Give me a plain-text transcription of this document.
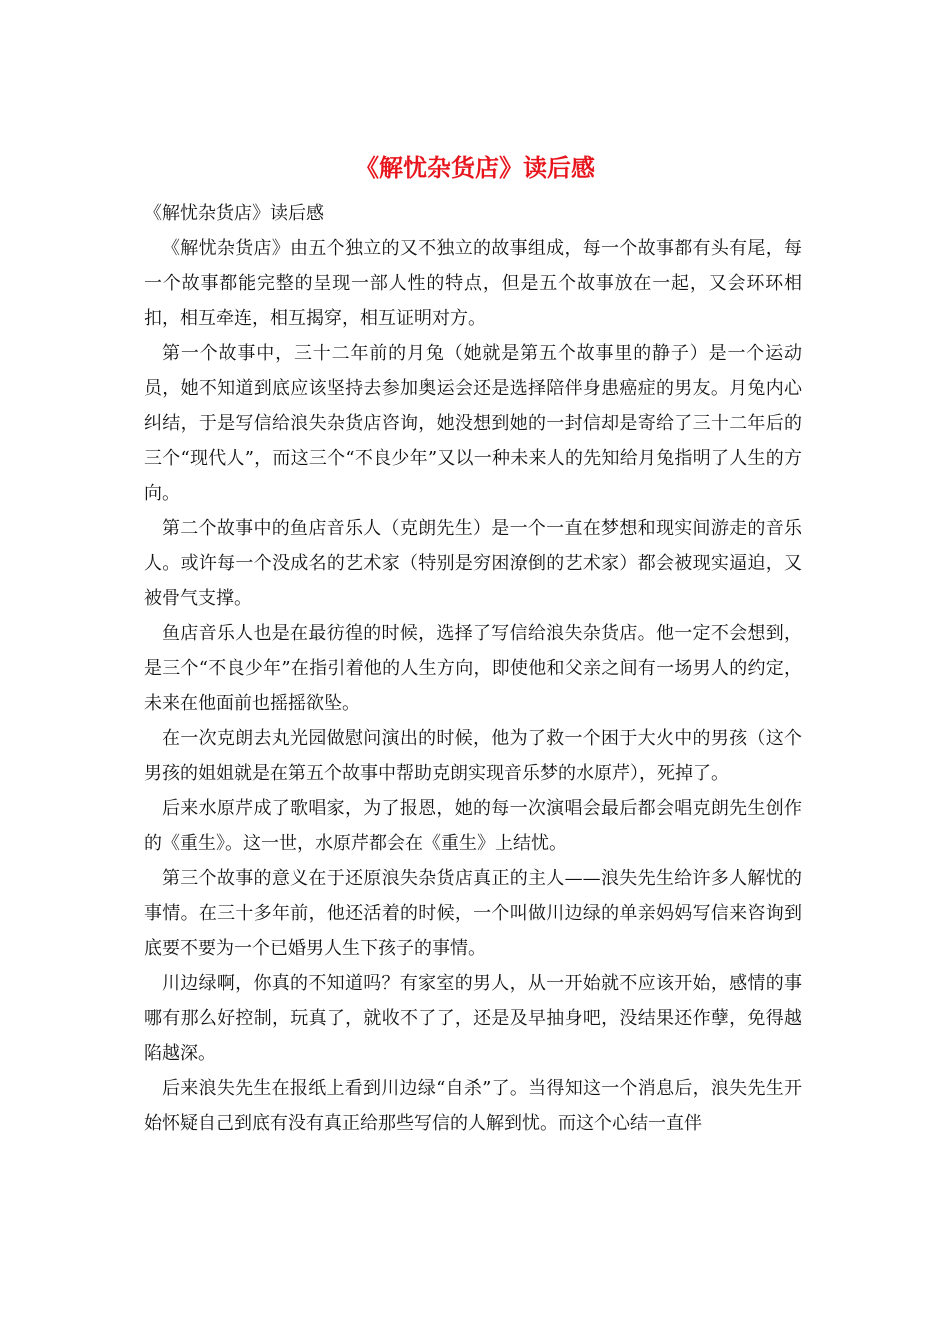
《解忧杂货店》读后感

《解忧杂货店》读后感

《解忧杂货店》由五个独立的又不独立的故事组成，每一个故事都有头有尾，每一个故事都能完整的呈现一部人性的特点，但是五个故事放在一起，又会环环相扣，相互牵连，相互揭穿，相互证明对方。

第一个故事中，三十二年前的月兔（她就是第五个故事里的静子）是一个运动员，她不知道到底应该坚持去参加奥运会还是选择陪伴身患癌症的男友。月兔内心纠结，于是写信给浪失杂货店咨询，她没想到她的一封信却是寄给了三十二年后的三个“现代人”，而这三个“不良少年”又以一种未来人的先知给月兔指明了人生的方向。

第二个故事中的鱼店音乐人（克朗先生）是一个一直在梦想和现实间游走的音乐人。或许每一个没成名的艺术家（特别是穷困潦倒的艺术家）都会被现实逼迫，又被骨气支撑。

鱼店音乐人也是在最彷徨的时候，选择了写信给浪失杂货店。他一定不会想到，是三个“不良少年”在指引着他的人生方向，即使他和父亲之间有一场男人的约定，未来在他面前也摇摇欲坠。

在一次克朗去丸光园做慰问演出的时候，他为了救一个困于大火中的男孩（这个男孩的姐姐就是在第五个故事中帮助克朗实现音乐梦的水原芹），死掉了。

后来水原芹成了歌唱家，为了报恩，她的每一次演唱会最后都会唱克朗先生创作的《重生》。这一世，水原芹都会在《重生》上结忧。

第三个故事的意义在于还原浪失杂货店真正的主人——浪失先生给许多人解忧的事情。在三十多年前，他还活着的时候，一个叫做川边绿的单亲妈妈写信来咨询到底要不要为一个已婚男人生下孩子的事情。

川边绿啊，你真的不知道吗？有家室的男人，从一开始就不应该开始，感情的事哪有那么好控制，玩真了，就收不了了，还是及早抽身吧，没结果还作孽，免得越陷越深。

后来浪失先生在报纸上看到川边绿“自杀”了。当得知这一个消息后，浪失先生开始怀疑自己到底有没有真正给那些写信的人解到忧。而这个心结一直伴
